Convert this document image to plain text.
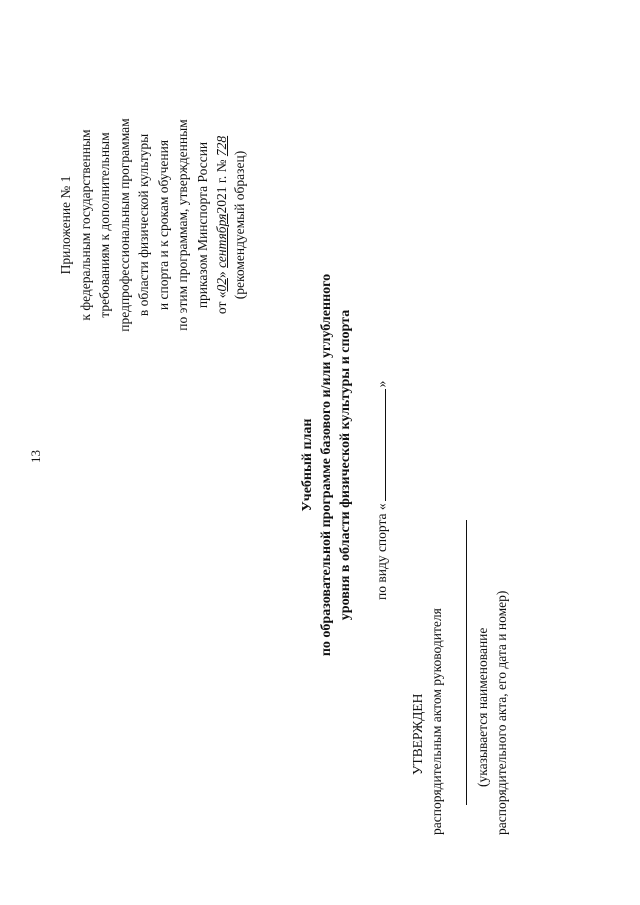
13
Приложение № 1 к федеральным государственным требованиям к дополнительным предпрофессиональным программам в области физической культуры и спорта и к срокам обучения по этим программам, утвержденным приказом Минспорта России от «02» сентября2021 г. № 728
(рекомендуемый образец)
Учебный план по образовательной программе базового и/или углубленного уровня в области физической культуры и спорта по виду спорта «»
УТВЕРЖДЕН распорядительным актом руководителя (указывается наименование распорядительного акта, его дата и номер)
